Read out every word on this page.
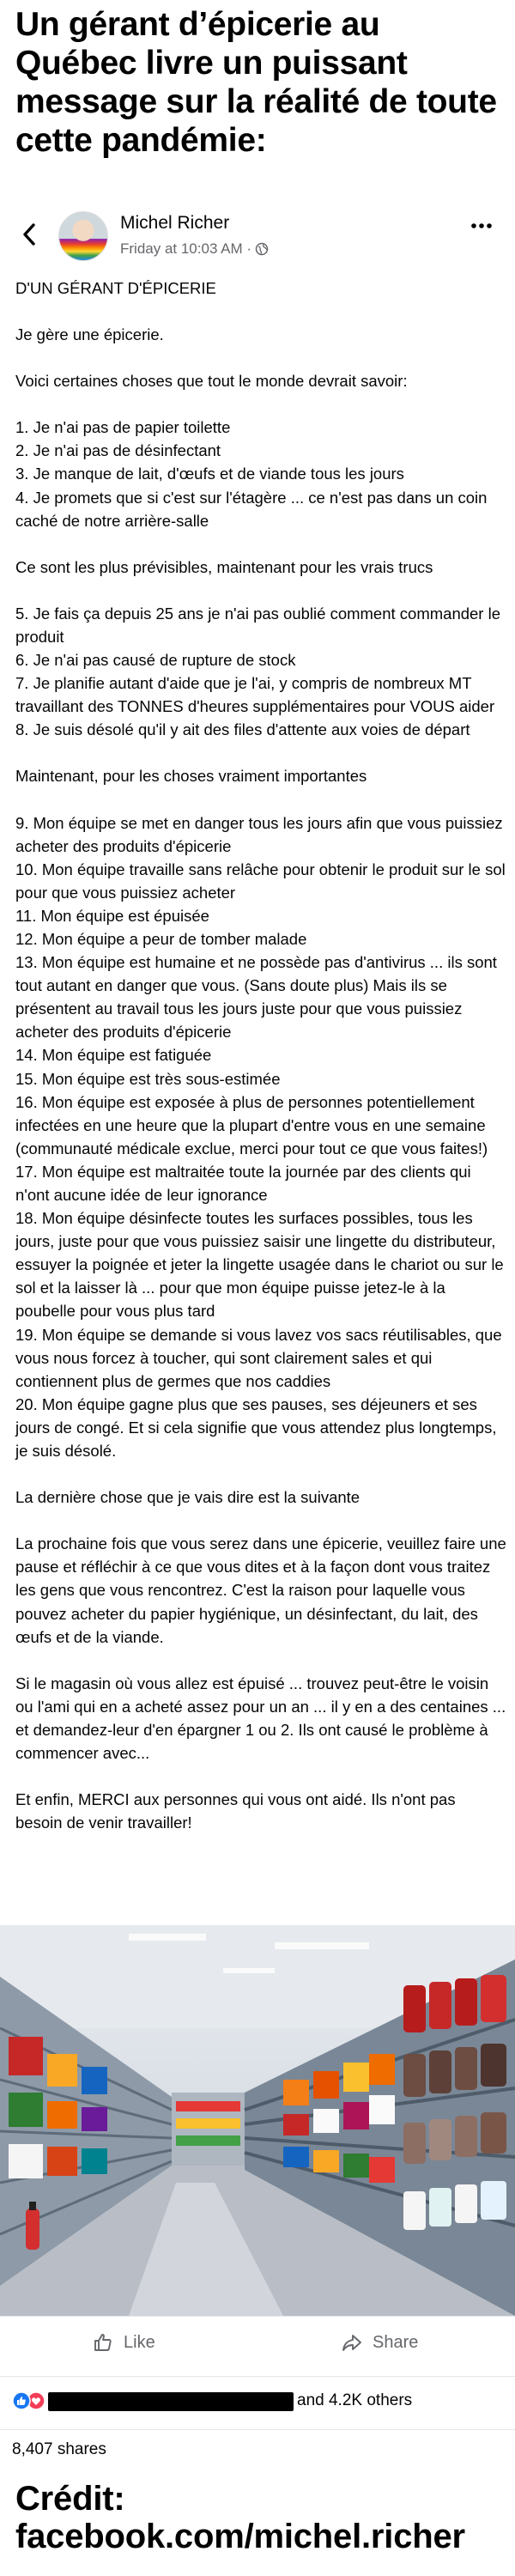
Un gérant d’épicerie au Québec livre un puissant message sur la réalité de toute cette pandémie:
Michel Richer
Friday at 10:03 AM ·

D'UN GÉRANT D'ÉPICERIE

Je gère une épicerie.

Voici certaines choses que tout le monde devrait savoir:

1. Je n'ai pas de papier toilette
2. Je n'ai pas de désinfectant
3. Je manque de lait, d'œufs et de viande tous les jours
4. Je promets que si c'est sur l'étagère ... ce n'est pas dans un coin caché de notre arrière-salle

Ce sont les plus prévisibles, maintenant pour les vrais trucs

5. Je fais ça depuis 25 ans je n'ai pas oublié comment commander le produit
6. Je n'ai pas causé de rupture de stock
7. Je planifie autant d'aide que je l'ai, y compris de nombreux MT travaillant des TONNES d'heures supplémentaires pour VOUS aider
8. Je suis désolé qu'il y ait des files d'attente aux voies de départ

Maintenant, pour les choses vraiment importantes

9. Mon équipe se met en danger tous les jours afin que vous puissiez acheter des produits d'épicerie
10. Mon équipe travaille sans relâche pour obtenir le produit sur le sol pour que vous puissiez acheter
11. Mon équipe est épuisée
12. Mon équipe a peur de tomber malade
13. Mon équipe est humaine et ne possède pas d'antivirus ... ils sont tout autant en danger que vous. (Sans doute plus) Mais ils se présentent au travail tous les jours juste pour que vous puissiez acheter des produits d'épicerie
14. Mon équipe est fatiguée
15. Mon équipe est très sous-estimée
16. Mon équipe est exposée à plus de personnes potentiellement infectées en une heure que la plupart d'entre vous en une semaine (communauté médicale exclue, merci pour tout ce que vous faites!)
17. Mon équipe est maltraitée toute la journée par des clients qui n'ont aucune idée de leur ignorance
18. Mon équipe désinfecte toutes les surfaces possibles, tous les jours, juste pour que vous puissiez saisir une lingette du distributeur, essuyer la poignée et jeter la lingette usagée dans le chariot ou sur le sol et la laisser là ... pour que mon équipe puisse jetez-le à la poubelle pour vous plus tard
19. Mon équipe se demande si vous lavez vos sacs réutilisables, que vous nous forcez à toucher, qui sont clairement sales et qui contiennent plus de germes que nos caddies
20. Mon équipe gagne plus que ses pauses, ses déjeuners et ses jours de congé. Et si cela signifie que vous attendez plus longtemps, je suis désolé.

La dernière chose que je vais dire est la suivante

La prochaine fois que vous serez dans une épicerie, veuillez faire une pause et réfléchir à ce que vous dites et à la façon dont vous traitez les gens que vous rencontrez. C'est la raison pour laquelle vous pouvez acheter du papier hygiénique, un désinfectant, du lait, des œufs et de la viande.

Si le magasin où vous allez est épuisé ... trouvez peut-être le voisin ou l'ami qui en a acheté assez pour un an ... il y en a des centaines ... et demandez-leur d'en épargner 1 ou 2. Ils ont causé le problème à commencer avec...

Et enfin, MERCI aux personnes qui vous ont aidé. Ils n'ont pas besoin de venir travailler!

Like	Share
and 4.2K others
8,407 shares
Crédit: facebook.com/michel.richer
